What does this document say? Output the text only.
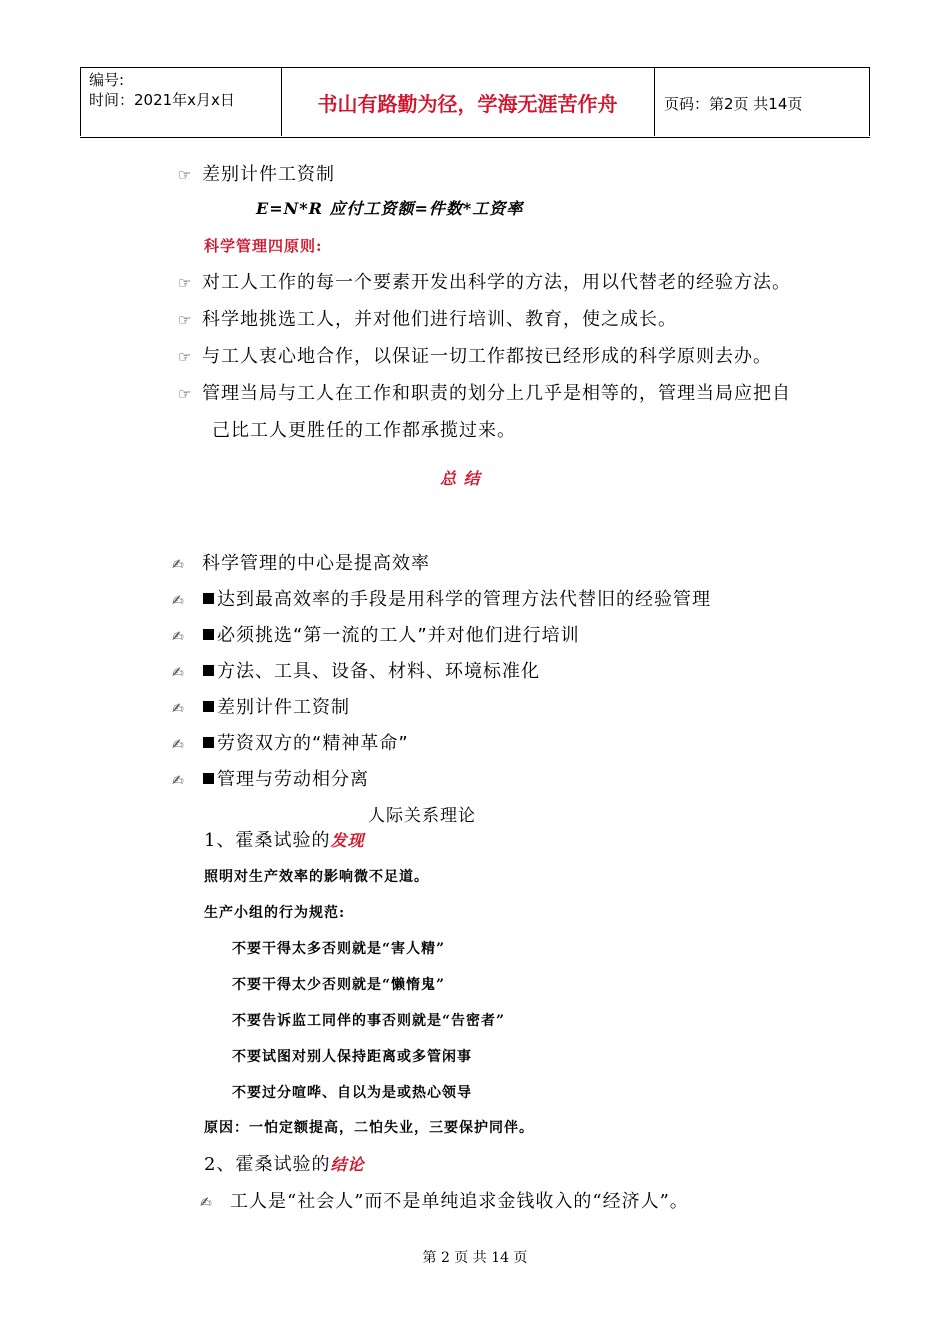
编号:
时间：2021年x月x日	书山有路勤为径，学海无涯苦作舟	页码：第2页 共14页
☞ 差别计件工资制
E=N*R 应付工资额=件数*工资率
科学管理四原则:
☞ 对工人工作的每一个要素开发出科学的方法，用以代替老的经验方法。
☞ 科学地挑选工人，并对他们进行培训、教育，使之成长。
☞ 与工人衷心地合作，以保证一切工作都按已经形成的科学原则去办。
☞ 管理当局与工人在工作和职责的划分上几乎是相等的，管理当局应把自
己比工人更胜任的工作都承揽过来。
总 结
✍ 科学管理的中心是提高效率
✍ 达到最高效率的手段是用科学的管理方法代替旧的经验管理
✍ 必须挑选“第一流的工人”并对他们进行培训
✍ 方法、工具、设备、材料、环境标准化
✍ 差别计件工资制
✍ 劳资双方的“精神革命”
✍ 管理与劳动相分离
人际关系理论
1、霍桑试验的发现
照明对生产效率的影响微不足道。
生产小组的行为规范:
不要干得太多否则就是“害人精”
不要干得太少否则就是“懒惰鬼”
不要告诉监工同伴的事否则就是“告密者”
不要试图对别人保持距离或多管闲事
不要过分喧哗、自以为是或热心领导
原因：一怕定额提高，二怕失业，三要保护同伴。
2、霍桑试验的结论
✍ 工人是“社会人”而不是单纯追求金钱收入的“经济人”。
第 2 页 共 14 页
